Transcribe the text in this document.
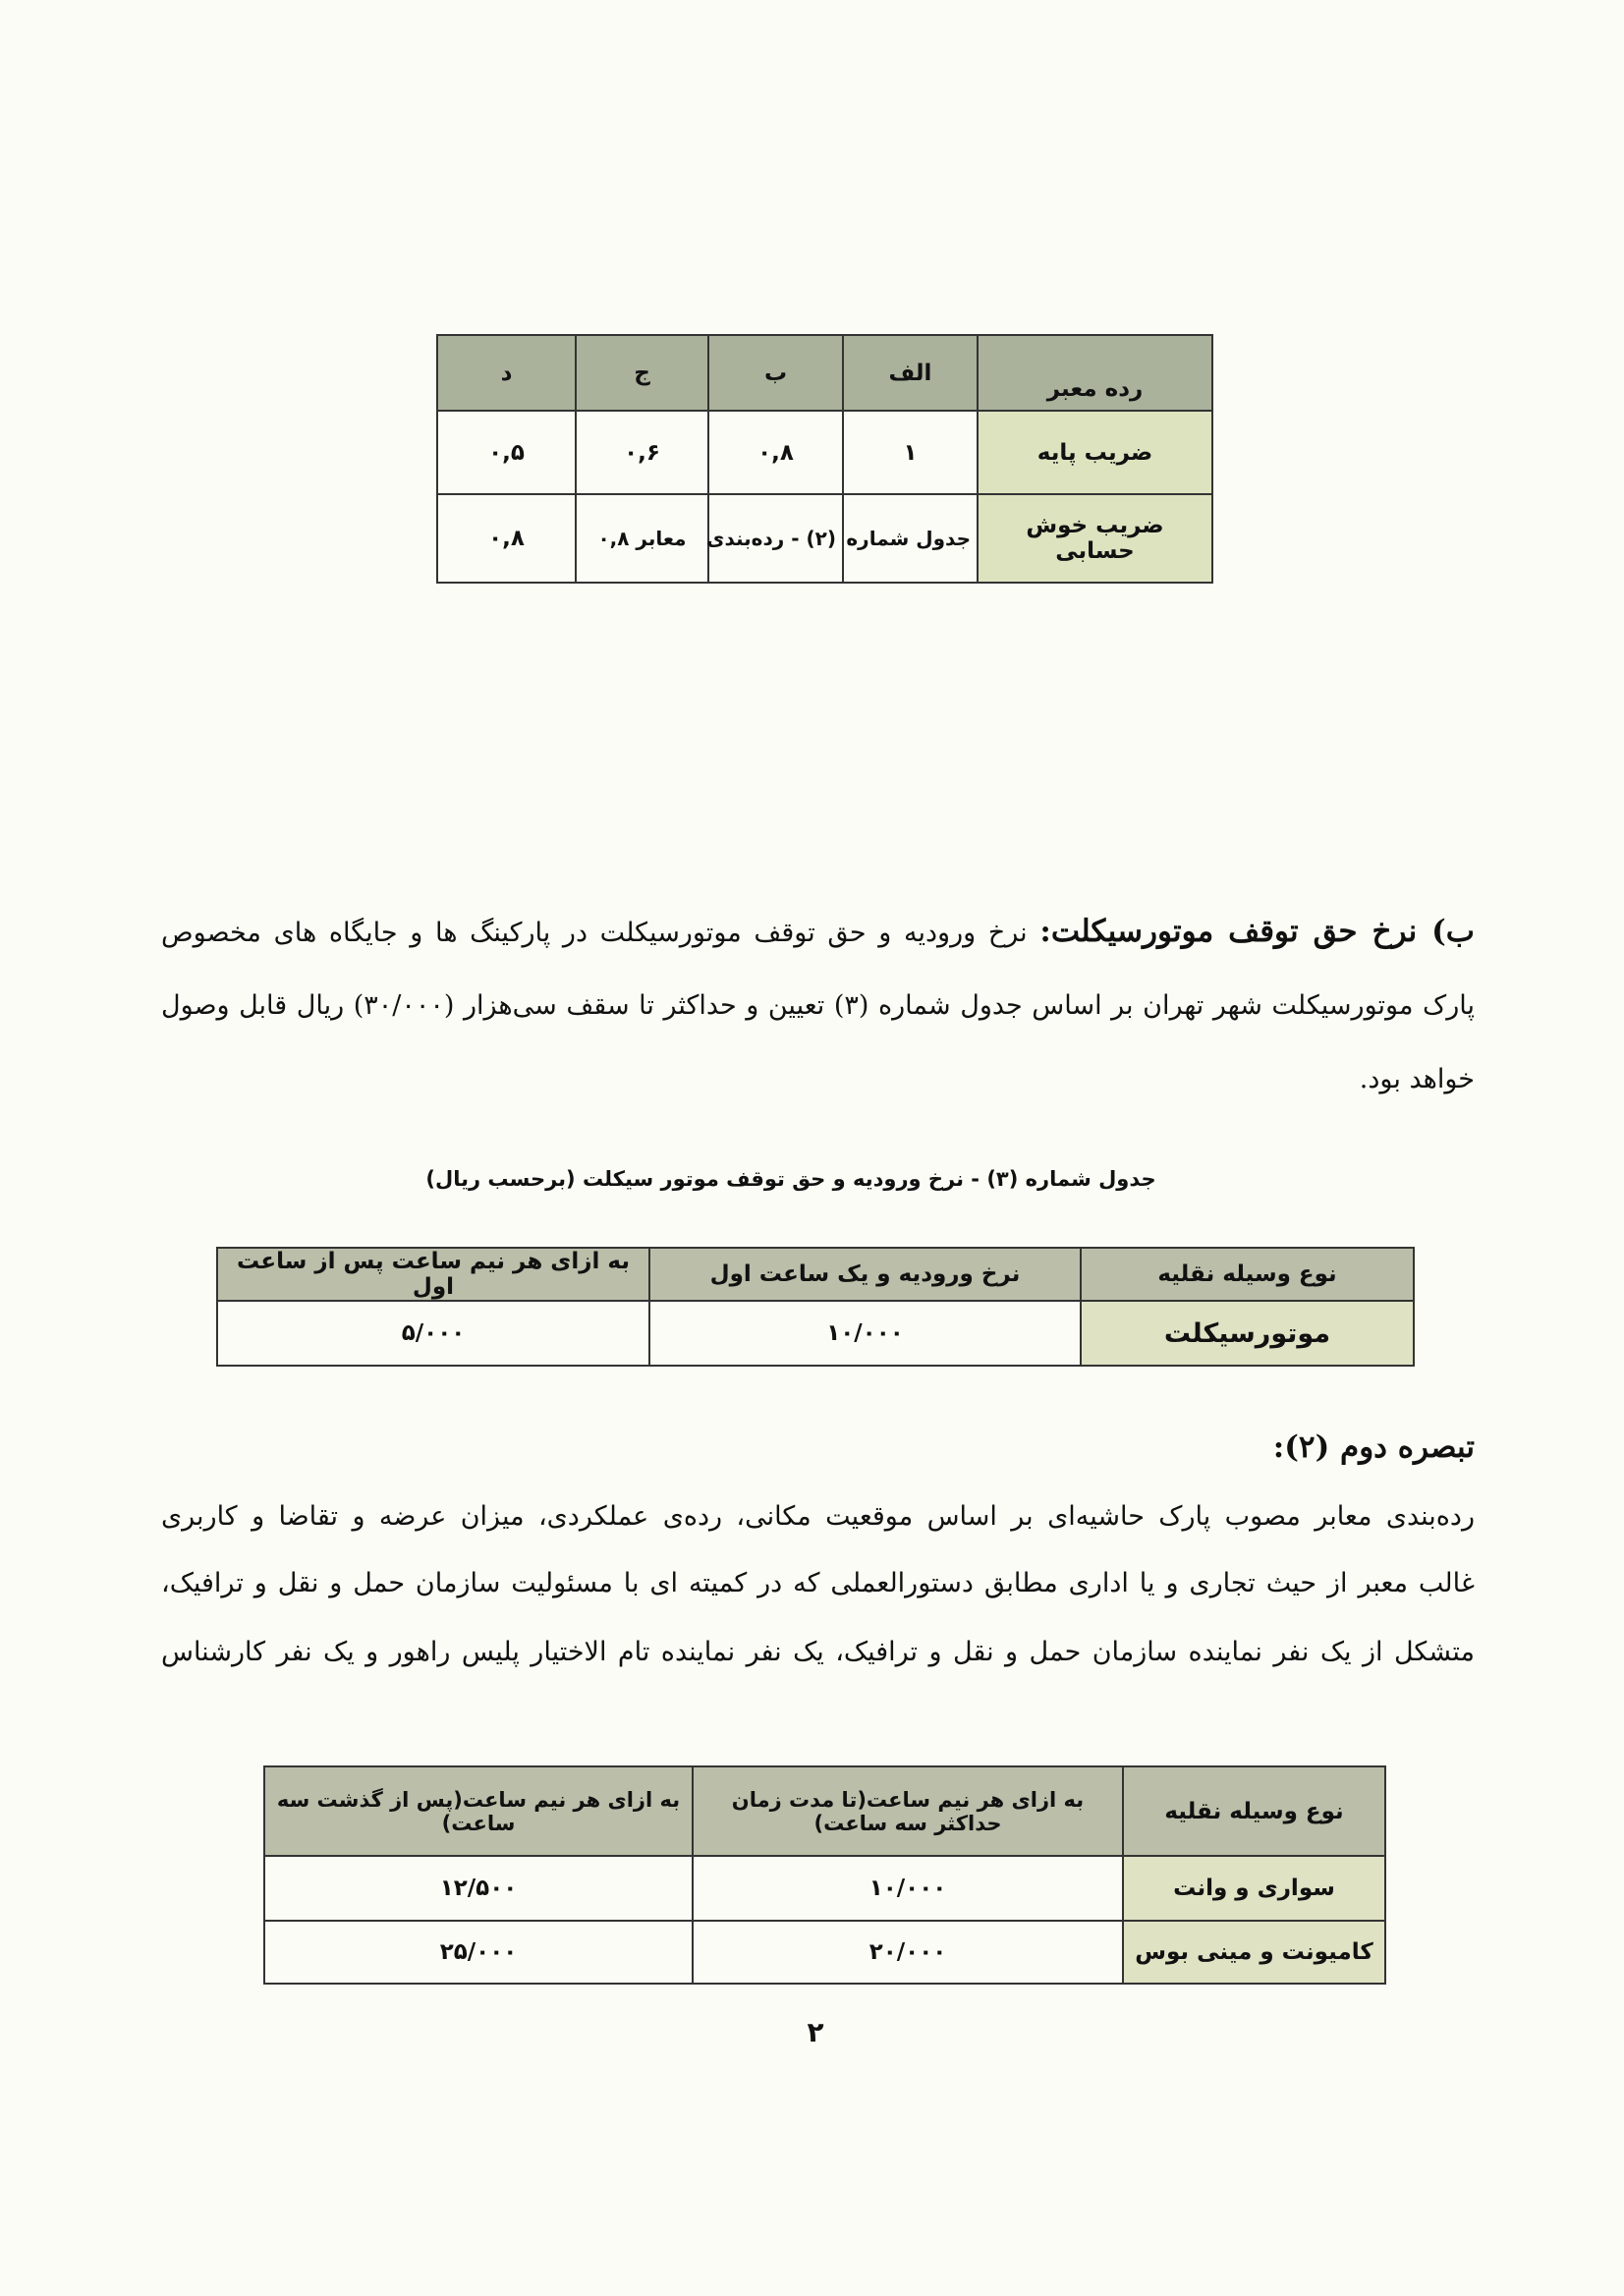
رده معبر	الف	ب	ج	د
ضریب پایه	۱	۰,۸	۰,۶	۰,۵
ضریب خوش حسابی	جدول شماره	(۲) - رده‌بندی	معابر ۰,۸	۰,۸
ب) نرخ حق توقف موتورسیکلت: نرخ ورودیه و حق توقف موتورسیکلت در پارکینگ ها و جایگاه های مخصوص
پارک موتورسیکلت شهر تهران بر اساس جدول شماره (۳) تعیین و حداکثر تا سقف سی‌هزار (۳۰/۰۰۰) ریال قابل وصول
خواهد بود.
جدول شماره (۳) - نرخ ورودیه و حق توقف موتور سیکلت (برحسب ریال)
نوع وسیله نقلیه	نرخ ورودیه و یک ساعت اول	به ازای هر نیم ساعت پس از ساعت اول
موتورسیکلت	۱۰/۰۰۰	۵/۰۰۰
تبصره دوم (۲):
رده‌بندی معابر مصوب پارک حاشیه‌ای بر اساس موقعیت مکانی، رده‌ی عملکردی، میزان عرضه و تقاضا و کاربری
غالب معبر از حیث تجاری و یا اداری مطابق دستورالعملی که در کمیته ای با مسئولیت سازمان حمل و نقل و ترافیک،
متشکل از یک نفر نماینده سازمان حمل و نقل و ترافیک، یک نفر نماینده تام الاختیار پلیس راهور و یک نفر کارشناس
نوع وسیله نقلیه	به ازای هر نیم ساعت(تا مدت زمان حداکثر سه ساعت)	به ازای هر نیم ساعت(پس از گذشت سه ساعت)
سواری و وانت	۱۰/۰۰۰	۱۲/۵۰۰
کامیونت و مینی بوس	۲۰/۰۰۰	۲۵/۰۰۰
۲
